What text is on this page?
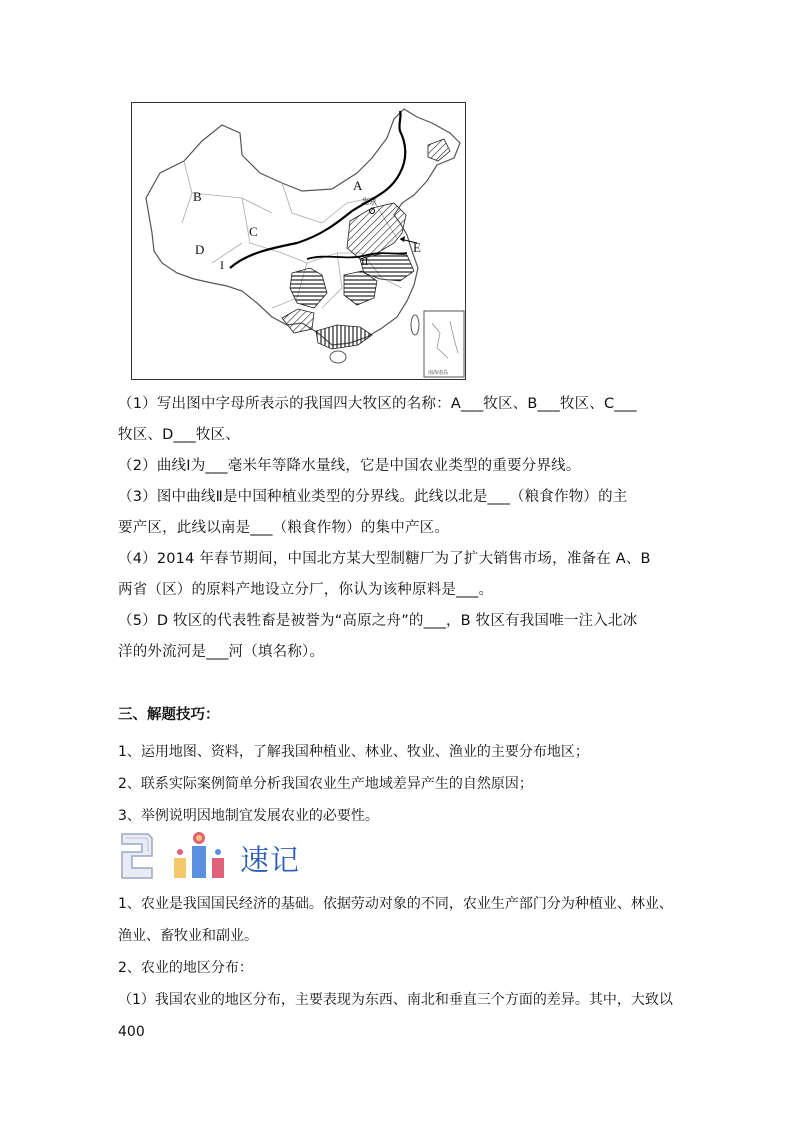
A
B
C
D	E
I	II
北京
南海诸岛

（1）写出图中字母所表示的我国四大牧区的名称：A___牧区、B___牧区、C___

牧区、D___牧区、

（2）曲线Ⅰ为___毫米年等降水量线，它是中国农业类型的重要分界线。

（3）图中曲线Ⅱ是中国种植业类型的分界线。此线以北是___（粮食作物）的主

要产区，此线以南是___（粮食作物）的集中产区。

（4）2014 年春节期间，中国北方某大型制糖厂为了扩大销售市场，准备在 A、B

两省（区）的原料产地设立分厂，你认为该种原料是___。

（5）D 牧区的代表牲畜是被誉为“高原之舟”的___，B 牧区有我国唯一注入北冰

洋的外流河是___河（填名称）。

三、解题技巧：

1、运用地图、资料，了解我国种植业、林业、牧业、渔业的主要分布地区；

2、联系实际案例简单分析我国农业生产地域差异产生的自然原因；

3、举例说明因地制宜发展农业的必要性。

速记

1、农业是我国国民经济的基础。依据劳动对象的不同，农业生产部门分为种植业、林业、

渔业、畜牧业和副业。

2、农业的地区分布：

（1）我国农业的地区分布，主要表现为东西、南北和垂直三个方面的差异。其中，大致以 400
